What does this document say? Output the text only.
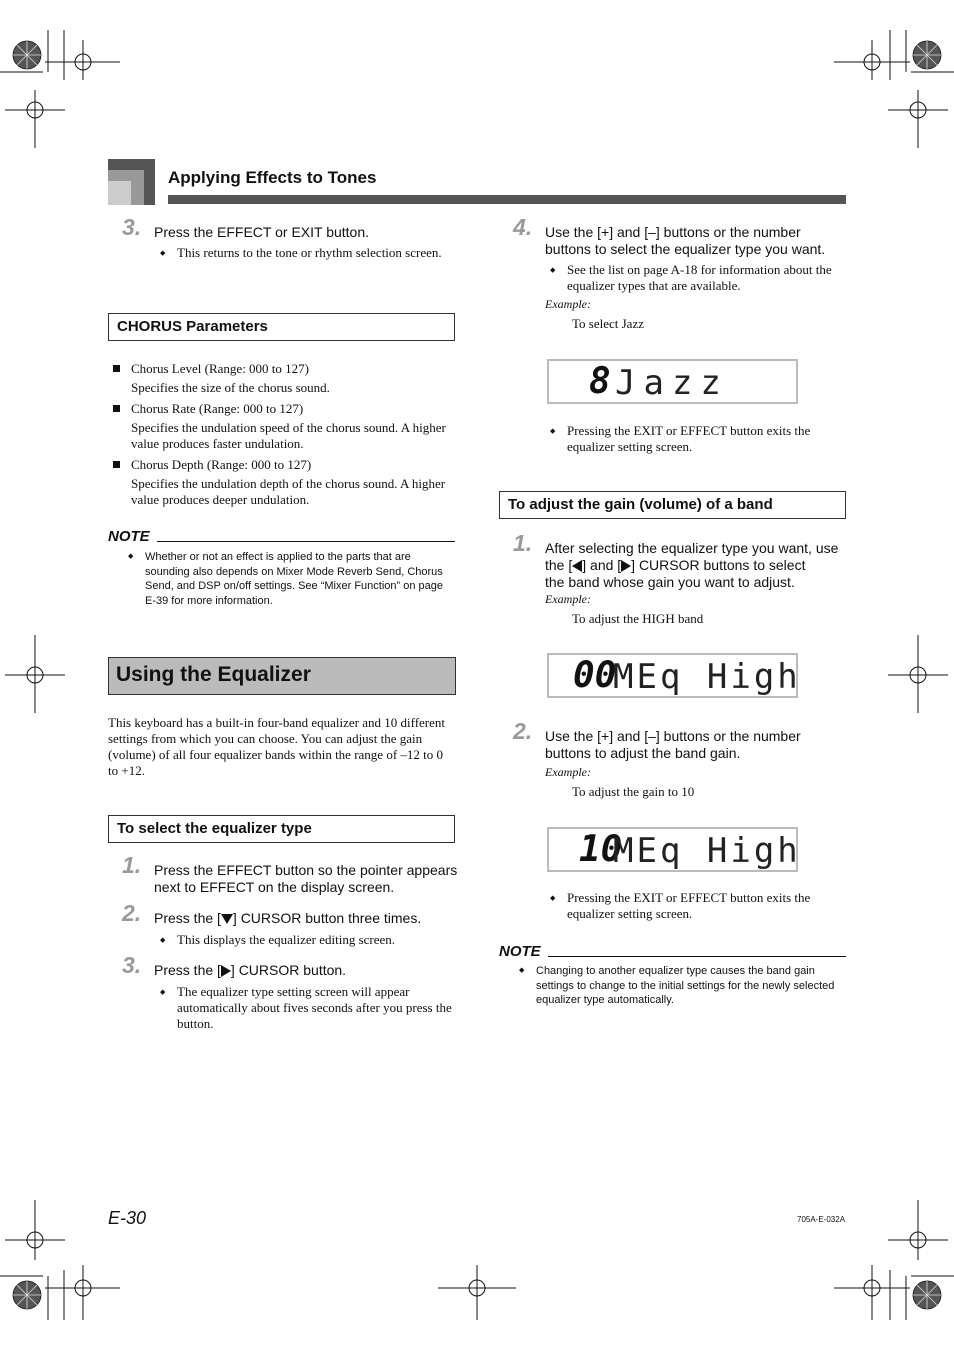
Applying Effects to Tones
3. Press the EFFECT or EXIT button.
◆ This returns to the tone or rhythm selection screen.
CHORUS Parameters
Chorus Level (Range: 000 to 127)
Specifies the size of the chorus sound.
Chorus Rate (Range: 000 to 127)
Specifies the undulation speed of the chorus sound. A higher value produces faster undulation.
Chorus Depth (Range: 000 to 127)
Specifies the undulation depth of the chorus sound. A higher value produces deeper undulation.
NOTE
◆ Whether or not an effect is applied to the parts that are sounding also depends on Mixer Mode Reverb Send, Chorus Send, and DSP on/off settings. See “Mixer Function” on page E-39 for more information.
Using the Equalizer
This keyboard has a built-in four-band equalizer and 10 different settings from which you can choose. You can adjust the gain (volume) of all four equalizer bands within the range of –12 to 0 to +12.
To select the equalizer type
1. Press the EFFECT button so the pointer appears next to EFFECT on the display screen.
2. Press the [ ] CURSOR button three times.
◆ This displays the equalizer editing screen.
3. Press the [ ] CURSOR button.
◆ The equalizer type setting screen will appear automatically about fives seconds after you press the button.
4. Use the [+] and [–] buttons or the number buttons to select the equalizer type you want.
◆ See the list on page A-18 for information about the equalizer types that are available.
Example:
To select Jazz
8 Jazz
◆ Pressing the EXIT or EFFECT button exits the equalizer setting screen.
To adjust the gain (volume) of a band
1. After selecting the equalizer type you want, use
the [ ] and [ ] CURSOR buttons to select
the band whose gain you want to adjust.
Example:
To adjust the HIGH band
00
MEq High
2. Use the [+] and [–] buttons or the number buttons to adjust the band gain.
Example:
To adjust the gain to 10
10
MEq High
◆ Pressing the EXIT or EFFECT button exits the equalizer setting screen.
NOTE
◆ Changing to another equalizer type causes the band gain settings to change to the initial settings for the newly selected equalizer type automatically.
E-30	705A-E-032A
